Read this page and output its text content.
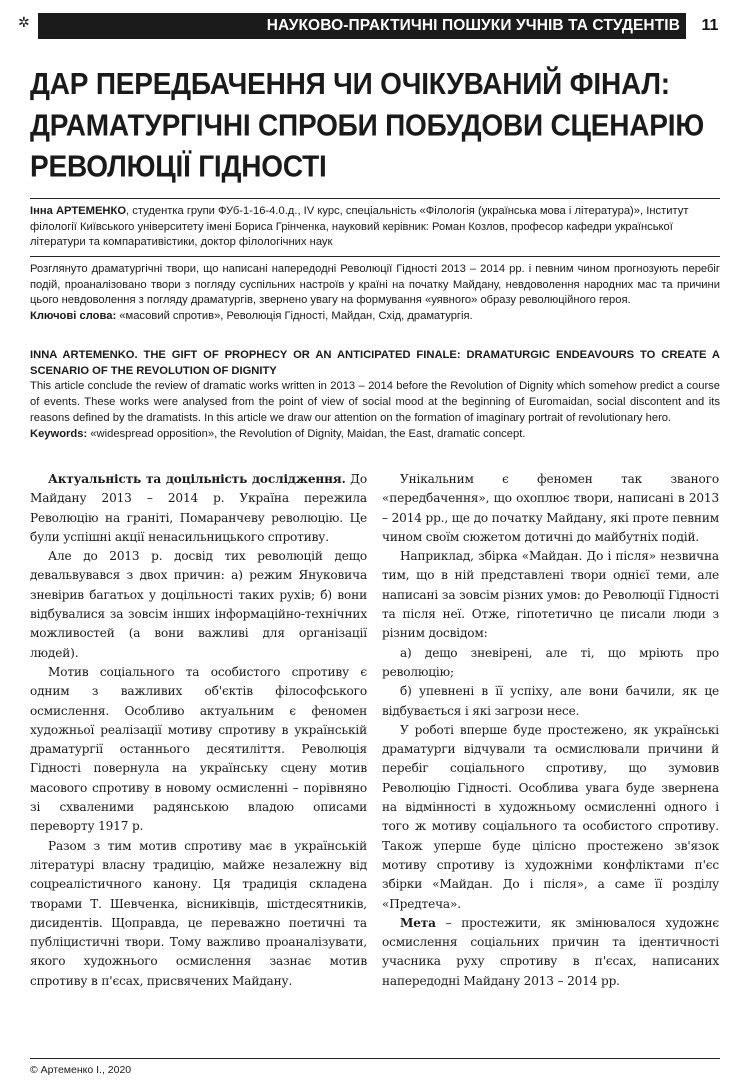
✲	НАУКОВО-ПРАКТИЧНІ ПОШУКИ УЧНІВ ТА СТУДЕНТІВ	11
ДАР ПЕРЕДБАЧЕННЯ ЧИ ОЧІКУВАНИЙ ФІНАЛ:
ДРАМАТУРГІЧНІ СПРОБИ ПОБУДОВИ СЦЕНАРІЮ
РЕВОЛЮЦІЇ ГІДНОСТІ
Інна АРТЕМЕНКО, студентка групи ФУб-1-16-4.0.д., IV курс, спеціальність «Філологія (українська мова і література)», Інститут філології Київського університету імені Бориса Грінченка, науковий керівник: Роман Козлов, професор кафедри української літератури та компаративістики, доктор філологічних наук

Розглянуто драматургічні твори, що написані напередодні Революції Гідності 2013 – 2014 рр. і певним чином прогнозують перебіг подій, проаналізовано твори з погляду суспільних настроїв у країні на початку Майдану, невдоволення народних мас та причини цього невдоволення з погляду драматургів, звернено увагу на формування «уявного» образу революційного героя.

Ключові слова: «масовий спротив», Революція Гідності, Майдан, Схід, драматургія.

INNA ARTEMENKO. THE GIFT OF PROPHECY OR AN ANTICIPATED FINALE: DRAMATURGIC ENDEAVOURS TO CREATE A SCENARIO OF THE REVOLUTION OF DIGNITY

This article conclude the review of dramatic works written in 2013 – 2014 before the Revolution of Dignity which somehow predict a course of events. These works were analysed from the point of view of social mood at the beginning of Euromaidan, social discontent and its reasons defined by the dramatists. In this article we draw our attention on the formation of imaginary portrait of revolutionary hero.

Keywords: «widespread opposition», the Revolution of Dignity, Maidan, the East, dramatic concept.

Актуальність та доцільність дослідження. До Майдану 2013 – 2014 р. Україна пережила Революцію на граніті, Помаранчеву революцію. Це були успішні акції ненасильницького спротиву.

Але до 2013 р. досвід тих революцій дещо девальвувався з двох причин: а) режим Януковича зневірив багатьох у доцільності таких рухів; б) вони відбувалися за зовсім інших інформаційно-технічних можливостей (а вони важливі для організації людей).

Мотив соціального та особистого спротиву є одним з важливих об'єктів філософського осмислення. Особливо актуальним є феномен художньої реалізації мотиву спротиву в українській драматургії останнього десятиліття. Революція Гідності повернула на українську сцену мотив масового спротиву в новому осмисленні – порівняно зі схваленими радянською владою описами переворту 1917 р.

Разом з тим мотив спротиву має в українській літературі власну традицію, майже незалежну від соцреалістичного канону. Ця традиція складена творами Т. Шевченка, вісниківців, шістдесятників, дисидентів. Щоправда, це переважно поетичні та публіцистичні твори. Тому важливо проаналізувати, якого художнього осмислення зазнає мотив спротиву в п'єсах, присвячених Майдану.

Унікальним є феномен так званого «передбачення», що охоплює твори, написані в 2013 – 2014 рр., ще до початку Майдану, які проте певним чином своїм сюжетом дотичні до майбутніх подій.

Наприклад, збірка «Майдан. До і після» незвична тим, що в ній представлені твори однієї теми, але написані за зовсім різних умов: до Революції Гідності та після неї. Отже, гіпотетично це писали люди з різним досвідом:

а) дещо зневірені, але ті, що мріють про революцію;

б) упевнені в її успіху, але вони бачили, як це відбувається і які загрози несе.

У роботі вперше буде простежено, як українські драматурги відчували та осмислювали причини й перебіг соціального спротиву, що зумовив Революцію Гідності. Особлива увага буде звернена на відмінності в художньому осмисленні одного і того ж мотиву соціального та особистого спротиву. Також уперше буде цілісно простежено зв'язок мотиву спротиву із художніми конфліктами п'єс збірки «Майдан. До і після», а саме її розділу «Предтеча».

Мета – простежити, як змінювалося художнє осмислення соціальних причин та ідентичності учасника руху спротиву в п'єсах, написаних напередодні Майдану 2013 – 2014 рр.

© Артеменко І., 2020
